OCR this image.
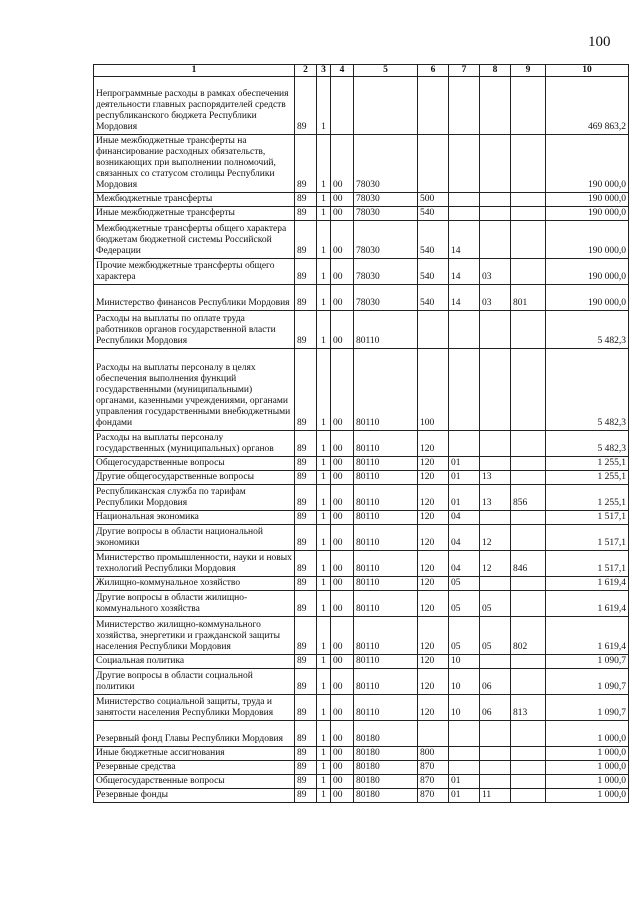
100
1	2	3	4	5	6	7	8	9	10
Непрограммные расходы в рамках обеспечения деятельности главных распорядителей средств республиканского бюджета Республики Мордовия	89	1							469 863,2
Иные межбюджетные трансферты на финансирование расходных обязательств, возникающих при выполнении полномочий, связанных со статусом столицы Республики Мордовия	89	1	00	78030					190 000,0
Межбюджетные трансферты	89	1	00	78030	500				190 000,0
Иные межбюджетные трансферты	89	1	00	78030	540				190 000,0
Межбюджетные трансферты общего характера бюджетам бюджетной системы Российской Федерации	89	1	00	78030	540	14			190 000,0
Прочие межбюджетные трансферты общего характера	89	1	00	78030	540	14	03		190 000,0
Министерство финансов Республики Мордовия	89	1	00	78030	540	14	03	801	190 000,0
Расходы на выплаты по оплате труда работников органов государственной власти Республики Мордовия	89	1	00	80110					5 482,3
Расходы на выплаты персоналу в целях обеспечения выполнения функций государственными (муниципальными) органами, казенными учреждениями, органами управления государственными внебюджетными фондами	89	1	00	80110	100				5 482,3
Расходы на выплаты персоналу государственных (муниципальных) органов	89	1	00	80110	120				5 482,3
Общегосударственные вопросы	89	1	00	80110	120	01			1 255,1
Другие общегосударственные вопросы	89	1	00	80110	120	01	13		1 255,1
Республиканская служба по тарифам Республики Мордовия	89	1	00	80110	120	01	13	856	1 255,1
Национальная экономика	89	1	00	80110	120	04			1 517,1
Другие вопросы в области национальной экономики	89	1	00	80110	120	04	12		1 517,1
Министерство промышленности, науки и новых технологий Республики Мордовия	89	1	00	80110	120	04	12	846	1 517,1
Жилищно-коммунальное хозяйство	89	1	00	80110	120	05			1 619,4
Другие вопросы в области жилищно-коммунального хозяйства	89	1	00	80110	120	05	05		1 619,4
Министерство жилищно-коммунального хозяйства, энергетики и гражданской защиты населения Республики Мордовия	89	1	00	80110	120	05	05	802	1 619,4
Социальная политика	89	1	00	80110	120	10			1 090,7
Другие вопросы в области социальной политики	89	1	00	80110	120	10	06		1 090,7
Министерство социальной защиты, труда и занятости населения Республики Мордовия	89	1	00	80110	120	10	06	813	1 090,7
Резервный фонд Главы Республики Мордовия	89	1	00	80180					1 000,0
Иные бюджетные ассигнования	89	1	00	80180	800				1 000,0
Резервные средства	89	1	00	80180	870				1 000,0
Общегосударственные вопросы	89	1	00	80180	870	01			1 000,0
Резервные фонды	89	1	00	80180	870	01	11		1 000,0
